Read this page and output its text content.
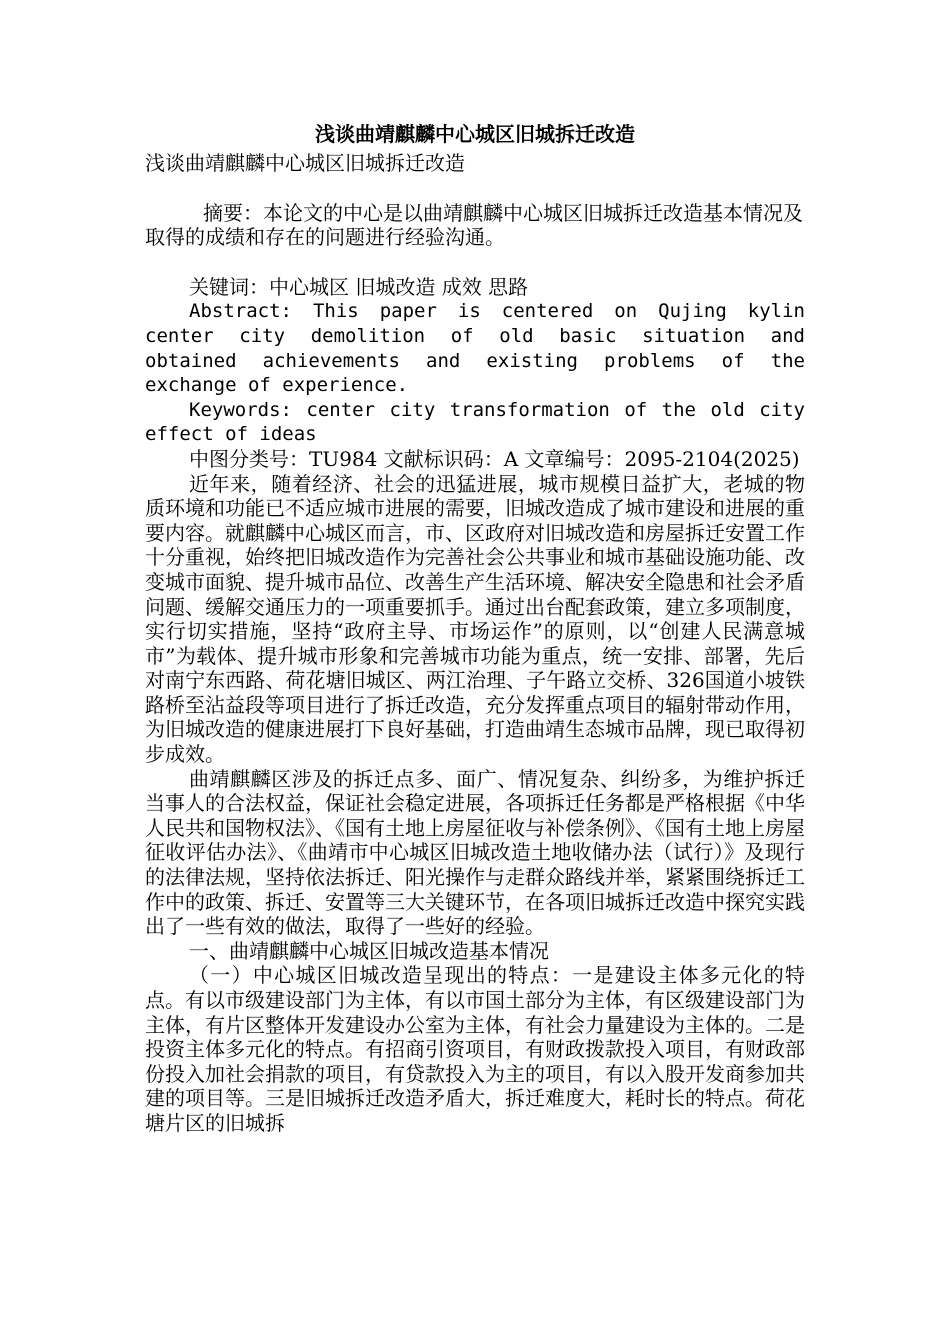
浅谈曲靖麒麟中心城区旧城拆迁改造
浅谈曲靖麒麟中心城区旧城拆迁改造
摘要：本论文的中心是以曲靖麒麟中心城区旧城拆迁改造基本情况及取得的成绩和存在的问题进行经验沟通。
关键词：中心城区 旧城改造 成效 思路
Abstract: This paper is centered on Qujing kylin center city demolition of old basic situation and obtained achievements and existing problems of the exchange of experience.
Keywords: center city transformation of the old city effect of ideas
中图分类号：TU984 文献标识码：A 文章编号：2095-2104(2025)
近年来，随着经济、社会的迅猛进展，城市规模日益扩大，老城的物质环境和功能已不适应城市进展的需要，旧城改造成了城市建设和进展的重要内容。就麒麟中心城区而言，市、区政府对旧城改造和房屋拆迁安置工作十分重视，始终把旧城改造作为完善社会公共事业和城市基础设施功能、改变城市面貌、提升城市品位、改善生产生活环境、解决安全隐患和社会矛盾问题、缓解交通压力的一项重要抓手。通过出台配套政策，建立多项制度，实行切实措施，坚持“政府主导、市场运作”的原则，以“创建人民满意城市”为载体、提升城市形象和完善城市功能为重点，统一安排、部署，先后对南宁东西路、荷花塘旧城区、两江治理、子午路立交桥、326国道小坡铁路桥至沾益段等项目进行了拆迁改造，充分发挥重点项目的辐射带动作用，为旧城改造的健康进展打下良好基础，打造曲靖生态城市品牌，现已取得初步成效。
曲靖麒麟区涉及的拆迁点多、面广、情况复杂、纠纷多，为维护拆迁当事人的合法权益，保证社会稳定进展，各项拆迁任务都是严格根据《中华人民共和国物权法》、《国有土地上房屋征收与补偿条例》、《国有土地上房屋征收评估办法》、《曲靖市中心城区旧城改造土地收储办法（试行）》及现行的法律法规，坚持依法拆迁、阳光操作与走群众路线并举，紧紧围绕拆迁工作中的政策、拆迁、安置等三大关键环节，在各项旧城拆迁改造中探究实践出了一些有效的做法，取得了一些好的经验。
一、曲靖麒麟中心城区旧城改造基本情况
（一）中心城区旧城改造呈现出的特点：一是建设主体多元化的特点。有以市级建设部门为主体，有以市国土部分为主体，有区级建设部门为主体，有片区整体开发建设办公室为主体，有社会力量建设为主体的。二是投资主体多元化的特点。有招商引资项目，有财政拨款投入项目，有财政部份投入加社会捐款的项目，有贷款投入为主的项目，有以入股开发商参加共建的项目等。三是旧城拆迁改造矛盾大，拆迁难度大，耗时长的特点。荷花塘片区的旧城拆
